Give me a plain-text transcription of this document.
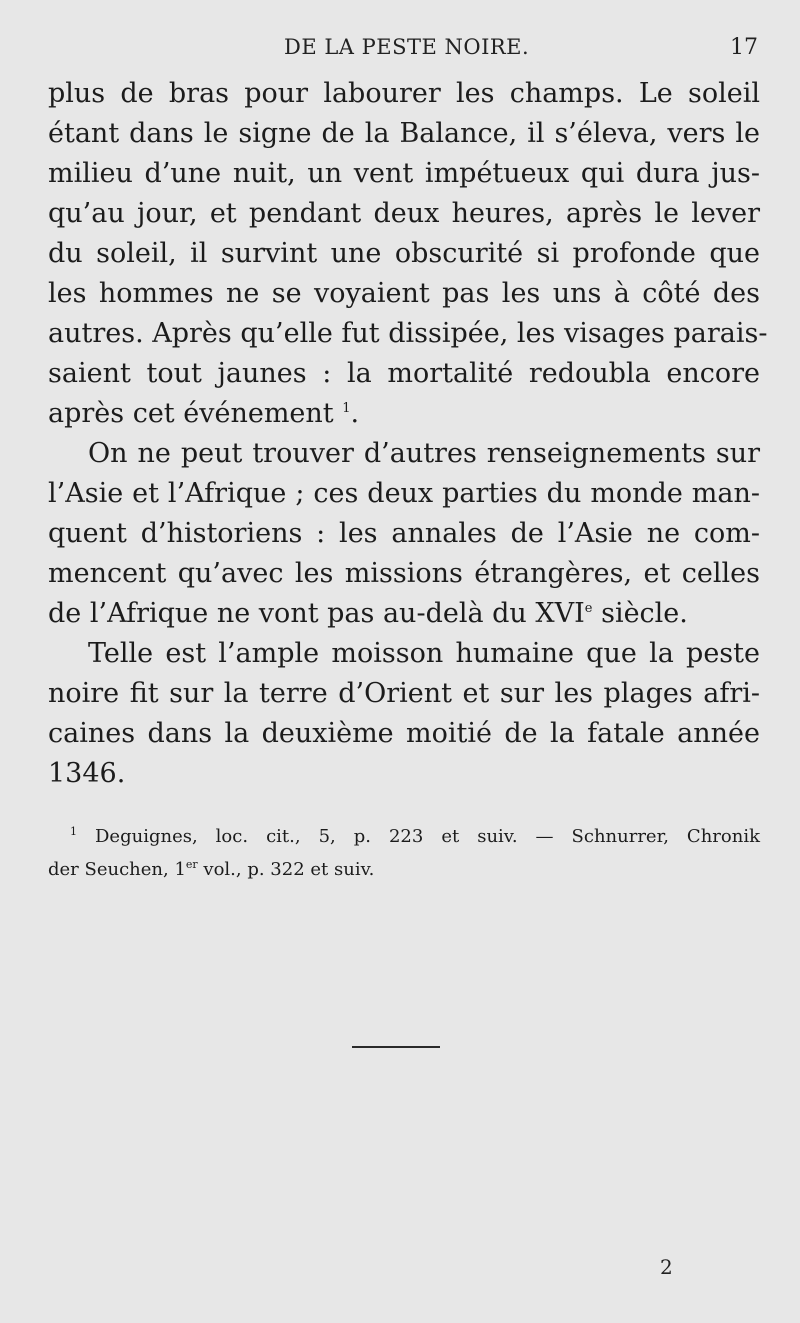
DE LA PESTE NOIRE.	17
plus de bras pour labourer les champs. Le soleil
étant dans le signe de la Balance, il s’éleva, vers le
milieu d’une nuit, un vent impétueux qui dura jus-
qu’au jour, et pendant deux heures, après le lever
du soleil, il survint une obscurité si profonde que
les hommes ne se voyaient pas les uns à côté des
autres. Après qu’elle fut dissipée, les visages parais-
saient tout jaunes : la mortalité redoubla encore
après cet événement $^1$.
On ne peut trouver d’autres renseignements sur
l’Asie et l’Afrique ; ces deux parties du monde man-
quent d’historiens : les annales de l’Asie ne com-
mencent qu’avec les missions étrangères, et celles
de l’Afrique ne vont pas au-delà du XVIe siècle.
Telle est l’ample moisson humaine que la peste
noire fit sur la terre d’Orient et sur les plages afri-
caines dans la deuxième moitié de la fatale année
1346.
$^1$ Deguignes, loc. cit., 5, p. 223 et suiv. — Schnurrer, Chronik
der Seuchen, 1er vol., p. 322 et suiv.
2
